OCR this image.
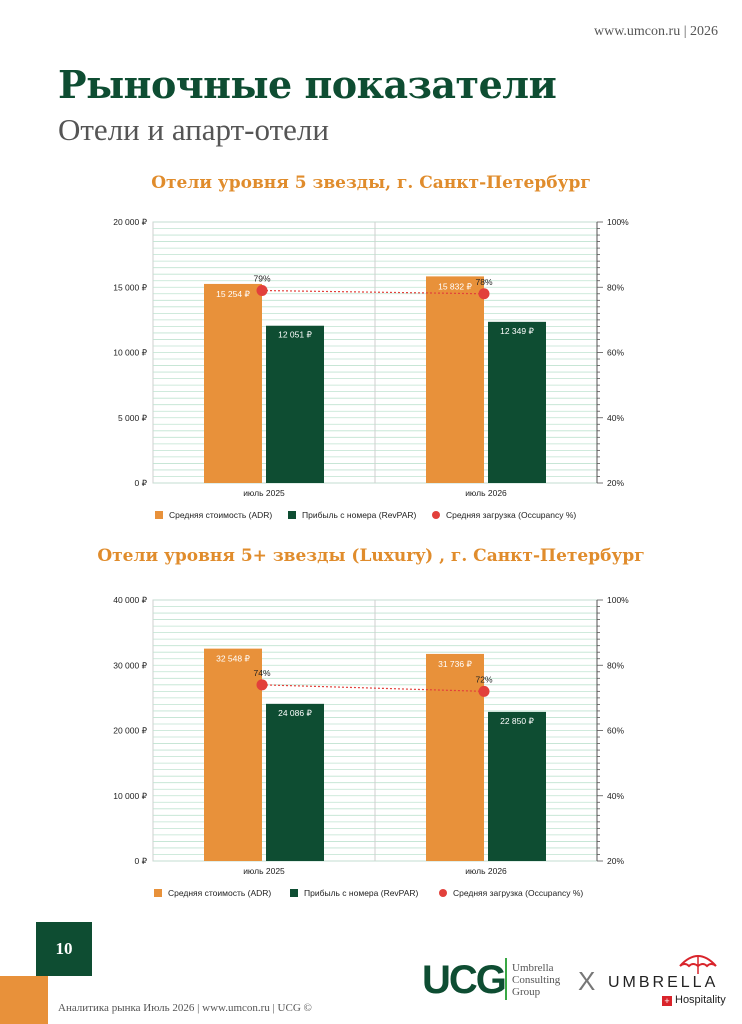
www.umcon.ru | 2026
Рыночные показатели
Отели и апарт-отели
Отели уровня 5 звезды, г. Санкт-Петербург
0 ₽
5 000 ₽
10 000 ₽
15 000 ₽
20 000 ₽
20%
40%
60%
80%
100%
15 254 ₽
12 051 ₽
июль 2025
15 832 ₽
12 349 ₽
июль 2026
79%	78%
Средняя стоимость (ADR)	Прибыль с номера (RevPAR)	Средняя загрузка (Occupancy %)
Отели уровня 5+ звезды (Luxury) , г. Санкт-Петербург
0 ₽
10 000 ₽
20 000 ₽
30 000 ₽
40 000 ₽
20%
40%
60%
80%
100%
32 548 ₽
24 086 ₽
июль 2025
31 736 ₽
22 850 ₽
июль 2026
74%
72%
Средняя стоимость (ADR)	Прибыль с номера (RevPAR)	Средняя загрузка (Occupancy %)
10
Аналитика рынка Июль 2026 | www.umcon.ru | UCG ©
UCG Umbrella
Consulting
Group	X UMBRELLA
+ Hospitality
